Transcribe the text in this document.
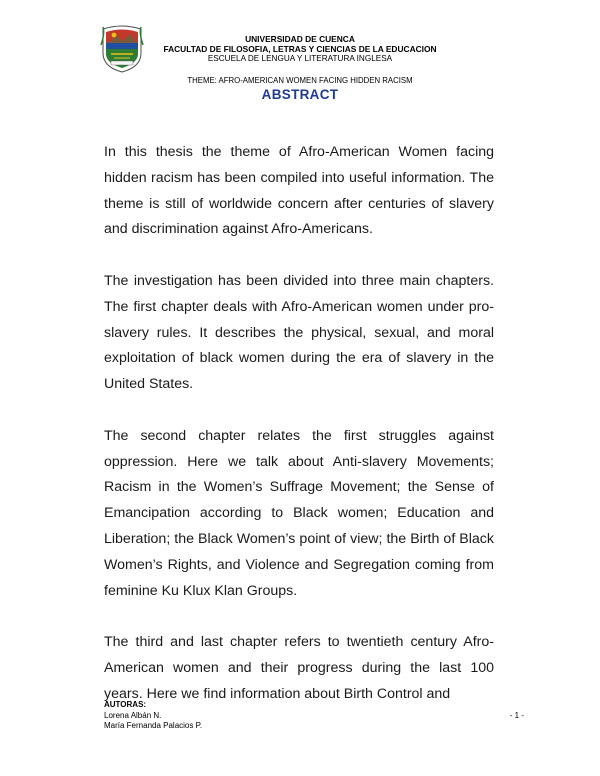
UNIVERSIDAD DE CUENCA
FACULTAD DE FILOSOFIA, LETRAS Y CIENCIAS DE LA EDUCACION
ESCUELA DE LENGUA Y LITERATURA INGLESA
THEME: AFRO-AMERICAN WOMEN FACING HIDDEN RACISM
ABSTRACT

In this thesis the theme of Afro-American Women facing hidden racism has been compiled into useful information. The theme is still of worldwide concern after centuries of slavery and discrimination against Afro-Americans.

The investigation has been divided into three main chapters. The first chapter deals with Afro-American women under pro-slavery rules. It describes the physical, sexual, and moral exploitation of black women during the era of slavery in the United States.

The second chapter relates the first struggles against oppression. Here we talk about Anti-slavery Movements; Racism in the Women’s Suffrage Movement; the Sense of Emancipation according to Black women; Education and Liberation; the Black Women’s point of view; the Birth of Black Women’s Rights, and Violence and Segregation coming from feminine Ku Klux Klan Groups.

The third and last chapter refers to twentieth century Afro-American women and their progress during the last 100 years. Here we find information about Birth Control and

AUTORAS:
Lorena Albán N.
María Fernanda Palacios P.
- 1 -
